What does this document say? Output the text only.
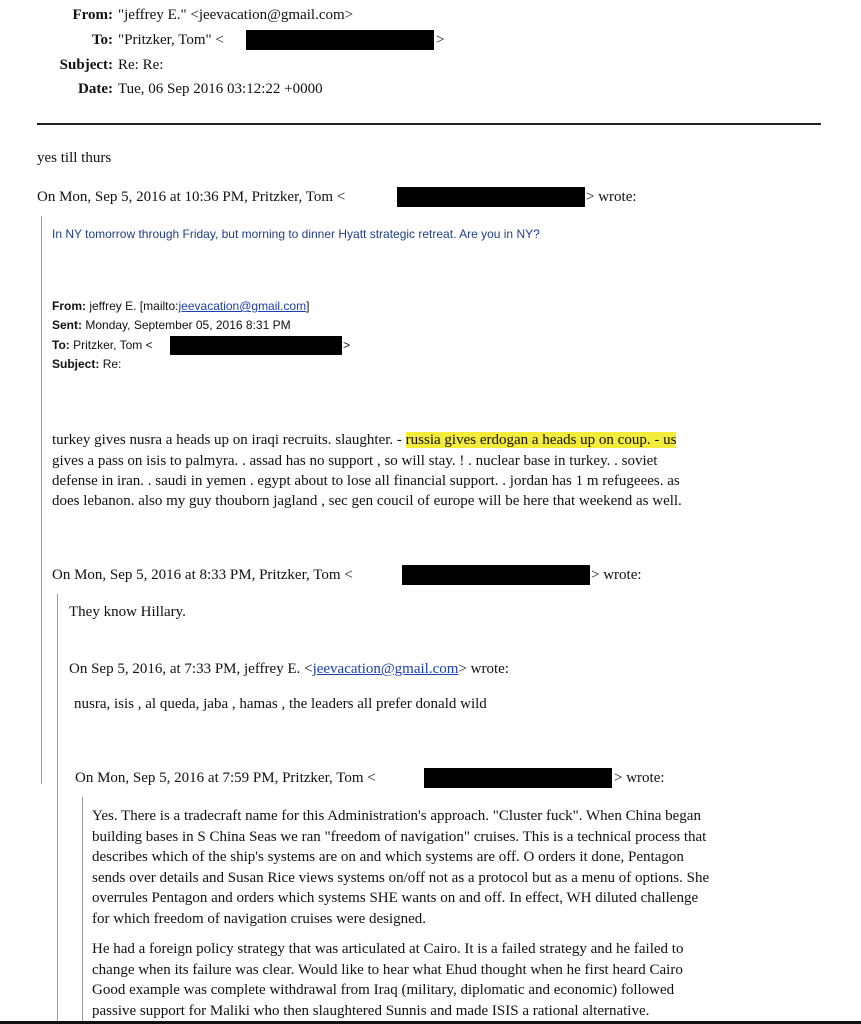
From: "jeffrey E." <jeevacation@gmail.com>
To: "Pritzker, Tom" <	>
Subject: Re: Re:
Date: Tue, 06 Sep 2016 03:12:22 +0000
yes till thurs
On Mon, Sep 5, 2016 at 10:36 PM, Pritzker, Tom <	> wrote:
In NY tomorrow through Friday, but morning to dinner Hyatt strategic retreat. Are you in NY?
From: jeffrey E. [mailto:jeevacation@gmail.com]
Sent: Monday, September 05, 2016 8:31 PM
To: Pritzker, Tom <	>
Subject: Re:
turkey gives nusra a heads up on iraqi recruits. slaughter. - russia gives erdogan a heads up on coup. - us
gives a pass on isis to palmyra. . assad has no support , so will stay. ! . nuclear base in turkey. . soviet
defense in iran. . saudi in yemen . egypt about to lose all financial support. . jordan has 1 m refugeees. as
does lebanon. also my guy thouborn jagland , sec gen coucil of europe will be here that weekend as well.
On Mon, Sep 5, 2016 at 8:33 PM, Pritzker, Tom <	> wrote:
They know Hillary.
On Sep 5, 2016, at 7:33 PM, jeffrey E. <jeevacation@gmail.com> wrote:
nusra, isis , al queda, jaba , hamas , the leaders all prefer donald wild
On Mon, Sep 5, 2016 at 7:59 PM, Pritzker, Tom <	> wrote:
Yes. There is a tradecraft name for this Administration's approach. "Cluster fuck". When China began
building bases in S China Seas we ran "freedom of navigation" cruises. This is a technical process that
describes which of the ship's systems are on and which systems are off. O orders it done, Pentagon
sends over details and Susan Rice views systems on/off not as a protocol but as a menu of options. She
overrules Pentagon and orders which systems SHE wants on and off. In effect, WH diluted challenge
for which freedom of navigation cruises were designed.
He had a foreign policy strategy that was articulated at Cairo. It is a failed strategy and he failed to
change when its failure was clear. Would like to hear what Ehud thought when he first heard Cairo
Good example was complete withdrawal from Iraq (military, diplomatic and economic) followed
passive support for Maliki who then slaughtered Sunnis and made ISIS a rational alternative.
